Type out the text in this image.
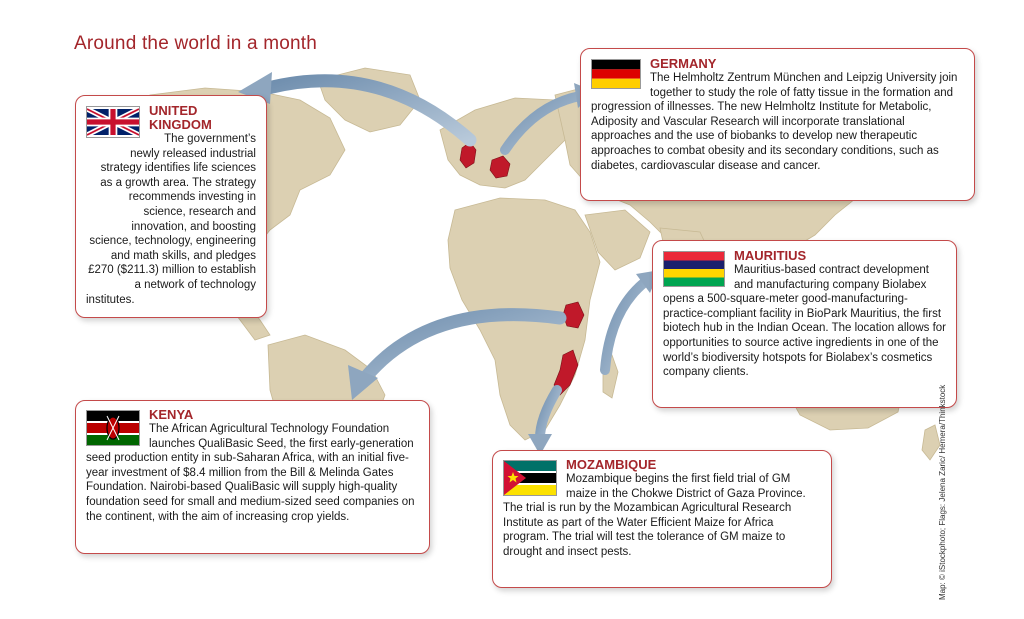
Around the world in a month
UNITED
KINGDOM

The government’s newly released industrial strategy identifies life sciences as a growth area. The strategy recommends investing in science, research and innovation, and boosting science, technology, engineering and math skills, and pledges £270 ($211.3) million to establish a network of technology institutes.

GERMANY

The Helmholtz Zentrum München and Leipzig University join together to study the role of fatty tissue in the formation and progression of illnesses. The new Helmholtz Institute for Metabolic, Adiposity and Vascular Research will incorporate translational approaches and the use of biobanks to develop new therapeutic approaches to combat obesity and its secondary conditions, such as diabetes, cardiovascular disease and cancer.

MAURITIUS

Mauritius-based contract development and manufacturing company Biolabex opens a 500-square-meter good-manufacturing-practice-compliant facility in BioPark Mauritius, the first biotech hub in the Indian Ocean. The location allows for opportunities to source active ingredients in one of the world’s biodiversity hotspots for Biolabex’s cosmetics company clients.

KENYA

The African Agricultural Technology Foundation launches QualiBasic Seed, the first early-generation seed production entity in sub-Saharan Africa, with an initial five-year investment of $8.4 million from the Bill & Melinda Gates Foundation. Nairobi-based QualiBasic will supply high-quality foundation seed for small and medium-sized seed companies on the continent, with the aim of increasing crop yields.

MOZAMBIQUE

Mozambique begins the first field trial of GM maize in the Chokwe District of Gaza Province. The trial is run by the Mozambican Agricultural Research Institute as part of the Water Efficient Maize for Africa program. The trial will test the tolerance of GM maize to drought and insect pests.	Map: © iStockphoto; Flags: Jelena Zaric/ Hemera/Thinkstock
